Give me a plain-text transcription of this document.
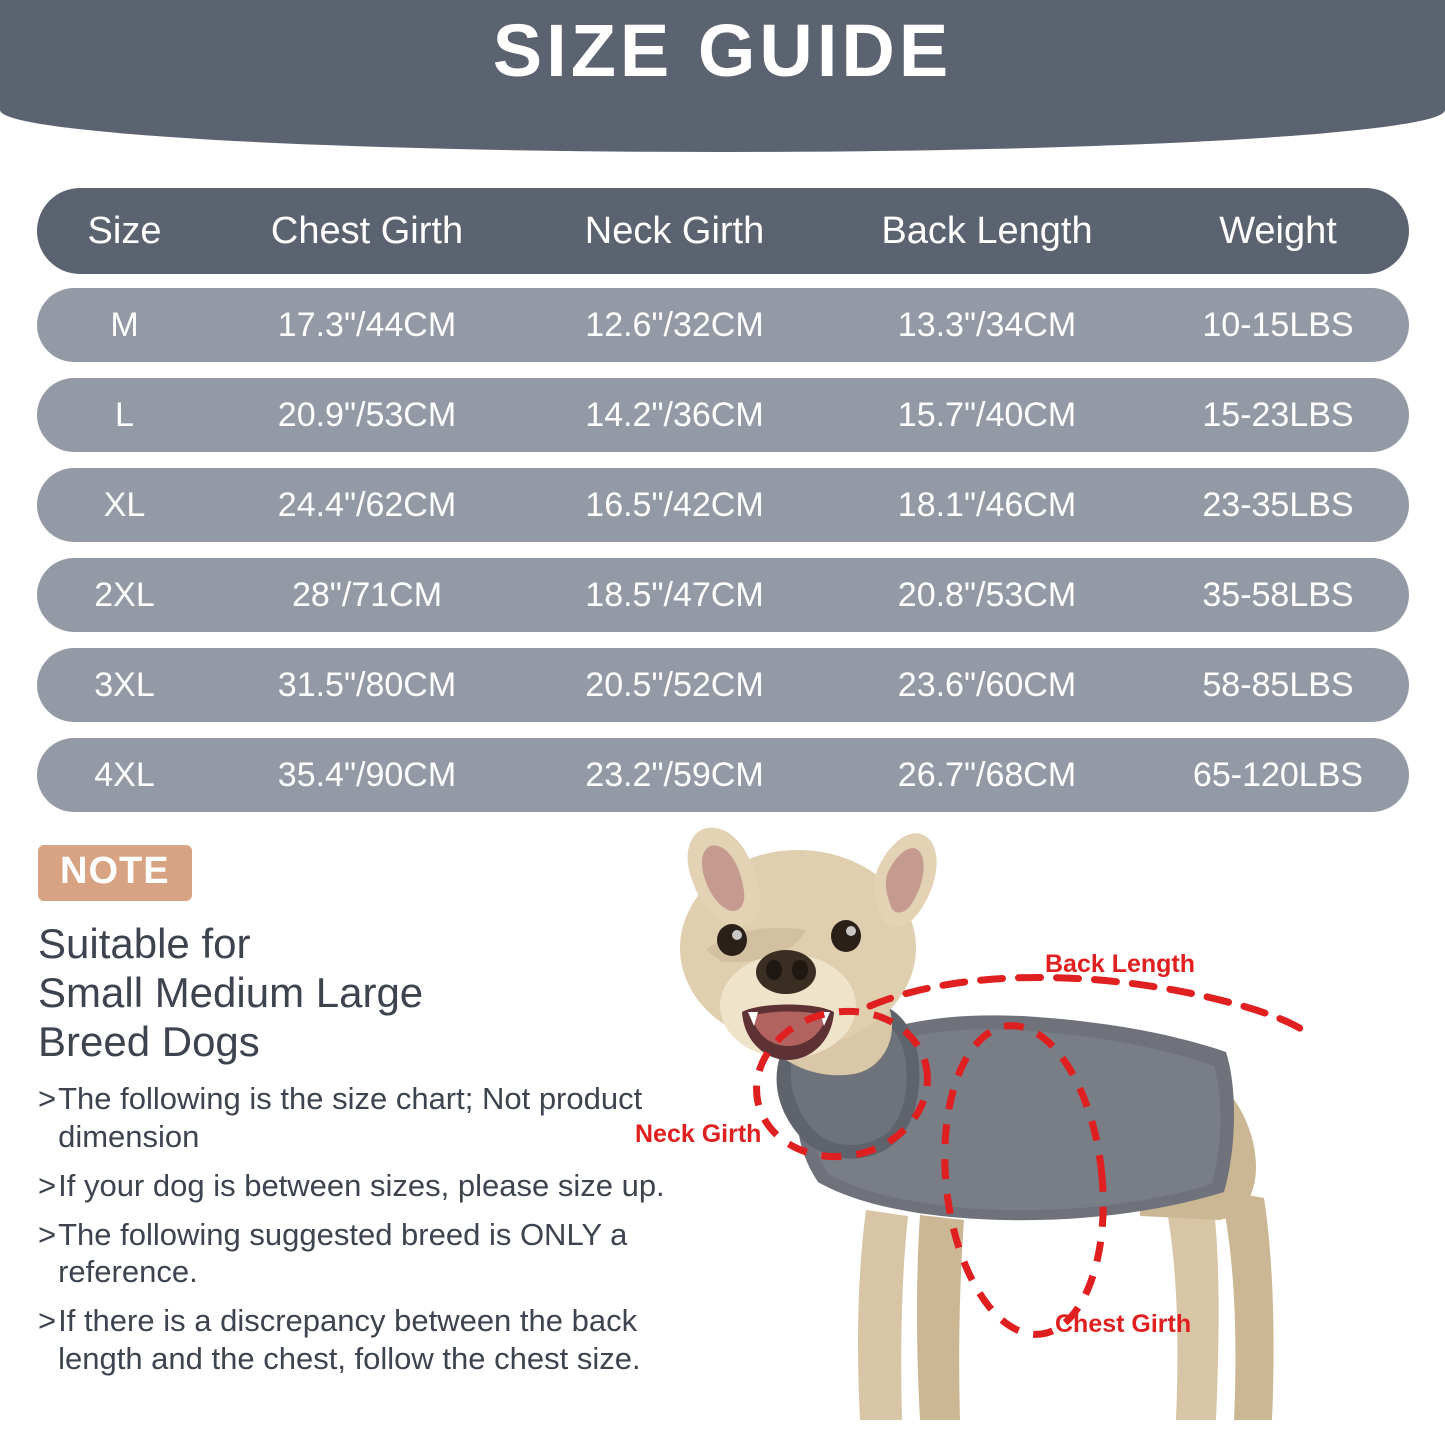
SIZE GUIDE
Size	Chest Girth	Neck Girth	Back Length	Weight
M	17.3"/44CM	12.6"/32CM	13.3"/34CM	10-15LBS
L	20.9"/53CM	14.2"/36CM	15.7"/40CM	15-23LBS
XL	24.4"/62CM	16.5"/42CM	18.1"/46CM	23-35LBS
2XL	28"/71CM	18.5"/47CM	20.8"/53CM	35-58LBS
3XL	31.5"/80CM	20.5"/52CM	23.6"/60CM	58-85LBS
4XL	35.4"/90CM	23.2"/59CM	26.7"/68CM	65-120LBS
NOTE
Suitable for
Small Medium Large
Breed Dogs
> The following is the size chart; Not product dimension
> If your dog is between sizes, please size up.
> The following suggested breed is ONLY a reference.
> If there is a discrepancy between the back length and the chest, follow the chest size.
Back Length
Neck Girth
Chest Girth
